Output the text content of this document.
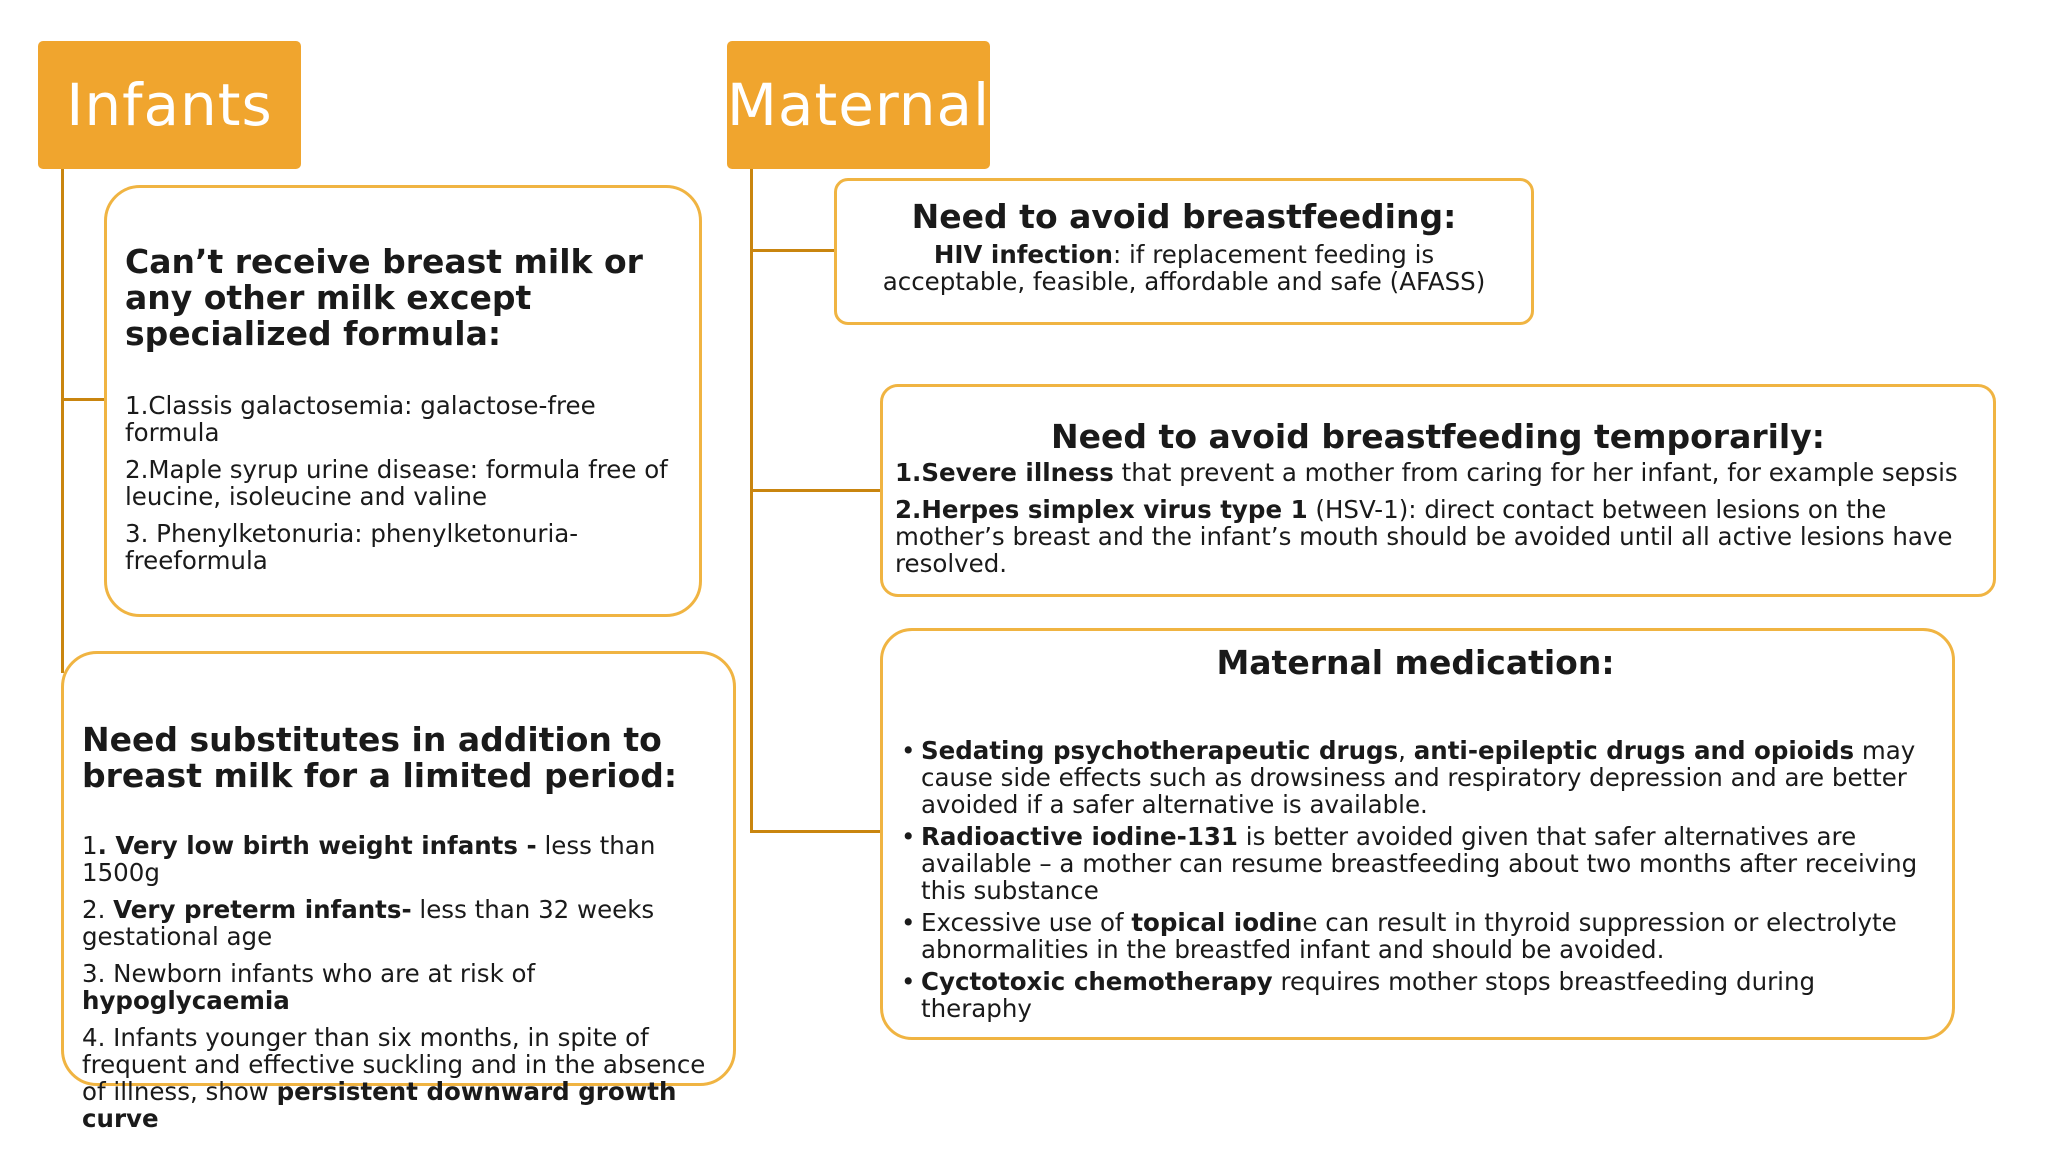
Infants	Maternal
Can’t receive breast milk or any other milk except specialized formula:
1.Classis galactosemia: galactose-free formula
2.Maple syrup urine disease: formula free of leucine, isoleucine and valine
3. Phenylketonuria: phenylketonuria-freeformula
Need substitutes in addition to breast milk for a limited period:
1. Very low birth weight infants - less than 1500g
2. Very preterm infants- less than 32 weeks gestational age
3. Newborn infants who are at risk of hypoglycaemia
4. Infants younger than six months, in spite of frequent and effective suckling and in the absence of illness, show persistent downward growth curve
Need to avoid breastfeeding:
HIV infection: if replacement feeding is acceptable, feasible, affordable and safe (AFASS)
Need to avoid breastfeeding temporarily:
1.Severe illness that prevent a mother from caring for her infant, for example sepsis
2.Herpes simplex virus type 1 (HSV-1): direct contact between lesions on the mother’s breast and the infant’s mouth should be avoided until all active lesions have resolved.
Maternal medication:
• Sedating psychotherapeutic drugs, anti-epileptic drugs and opioids may cause side effects such as drowsiness and respiratory depression and are better avoided if a safer alternative is available.
• Radioactive iodine-131 is better avoided given that safer alternatives are available – a mother can resume breastfeeding about two months after receiving this substance
• Excessive use of topical iodine can result in thyroid suppression or electrolyte abnormalities in the breastfed infant and should be avoided.
• Cyctotoxic chemotherapy requires mother stops breastfeeding during theraphy
